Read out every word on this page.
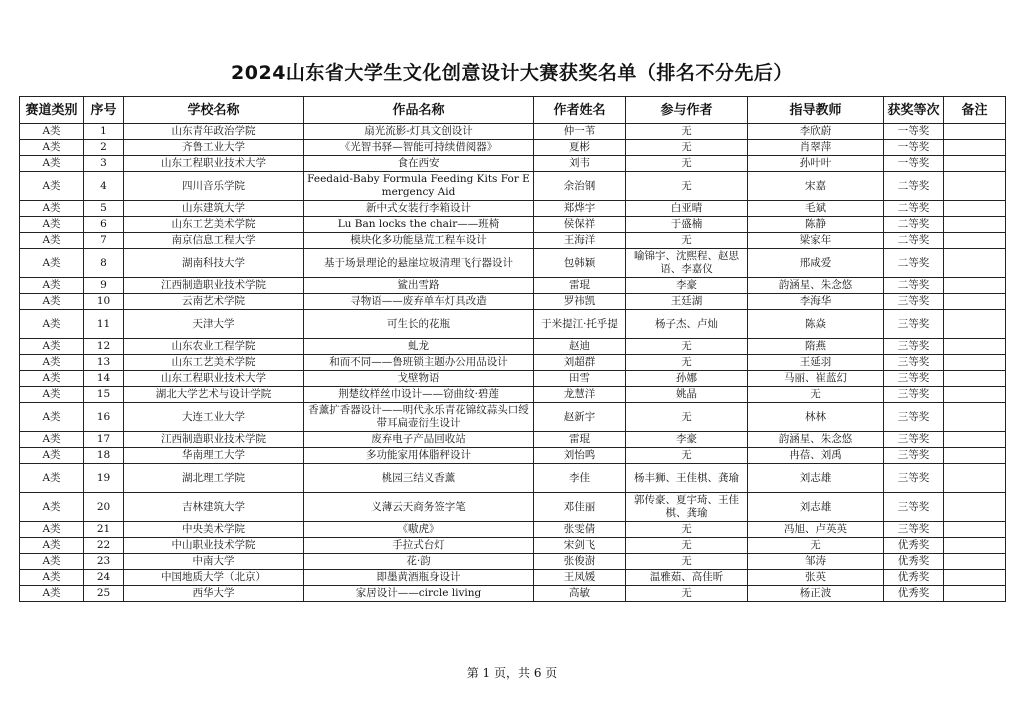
2024山东省大学生文化创意设计大赛获奖名单（排名不分先后）
赛道类别	序号	学校名称	作品名称	作者姓名	参与作者	指导教师	获奖等次	备注
A类	1	山东青年政治学院	扇光流影-灯具文创设计	仲一苇	无	李欣蔚	一等奖	
A类	2	齐鲁工业大学	《光智书驿—智能可持续借阅器》	夏彬	无	肖翠萍	一等奖	
A类	3	山东工程职业技术大学	食在西安	刘韦	无	孙叶叶	一等奖	
A类	4	四川音乐学院	Feedaid-Baby Formula Feeding Kits For Emergency Aid	余治钢	无	宋嘉	二等奖	
A类	5	山东建筑大学	新中式女装行李箱设计	郑烨宇	白亚晴	毛斌	二等奖	
A类	6	山东工艺美术学院	Lu Ban locks the chair——班椅	侯保祥	于盛楠	陈静	二等奖	
A类	7	南京信息工程大学	模块化多功能垦荒工程车设计	王海洋	无	梁家年	二等奖	
A类	8	湖南科技大学	基于场景理论的悬崖垃圾清理飞行器设计	包韩颖	喻锦宇、沈熙程、赵思语、李嘉仪	邢咸爱	二等奖	
A类	9	江西制造职业技术学院	鲨出雪路	雷琨	李豪	韵涵星、朱念悠	二等奖	
A类	10	云南艺术学院	寻物语——废弃单车灯具改造	罗祎凯	王廷湖	李海华	三等奖	
A类	11	天津大学	可生长的花瓶	于米提江·托乎提	杨子杰、卢灿	陈焱	三等奖	
A类	12	山东农业工程学院	虬龙	赵迪	无	隋燕	三等奖	
A类	13	山东工艺美术学院	和而不同——鲁班锁主题办公用品设计	刘超群	无	王延羽	三等奖	
A类	14	山东工程职业技术大学	戈壁物语	田雪	孙娜	马丽、崔蓝幻	三等奖	
A类	15	湖北大学艺术与设计学院	荆楚纹样丝巾设计——窃曲纹·碧莲	龙慧洋	姚晶	无	三等奖	
A类	16	大连工业大学	香薰扩香器设计——明代永乐青花锦纹蒜头口绶带耳扁壶衍生设计	赵新宇	无	林林	三等奖	
A类	17	江西制造职业技术学院	废弃电子产品回收站	雷琨	李豪	韵涵星、朱念悠	三等奖	
A类	18	华南理工大学	多功能家用体脂秤设计	刘怡鸣	无	冉蓓、刘禹	三等奖	
A类	19	湖北理工学院	桃园三结义香薰	李佳	杨丰狮、王佳棋、龚瑜	刘志雄	三等奖	
A类	20	吉林建筑大学	义薄云天商务签字笔	邓佳丽	郭传豪、夏宇琦、王佳棋、龚瑜	刘志雄	三等奖	
A类	21	中央美术学院	《嗷虎》	张雯倩	无	冯旭、卢英英	三等奖	
A类	22	中山职业技术学院	手拉式台灯	宋剑飞	无	无	优秀奖	
A类	23	中南大学	花·韵	张俊澍	无	邹涛	优秀奖	
A类	24	中国地质大学（北京）	即墨黄酒瓶身设计	王凤媛	温雅茹、高佳昕	张英	优秀奖	
A类	25	西华大学	家居设计——circle living	高敏	无	杨正波	优秀奖	
第 1 页，共 6 页
